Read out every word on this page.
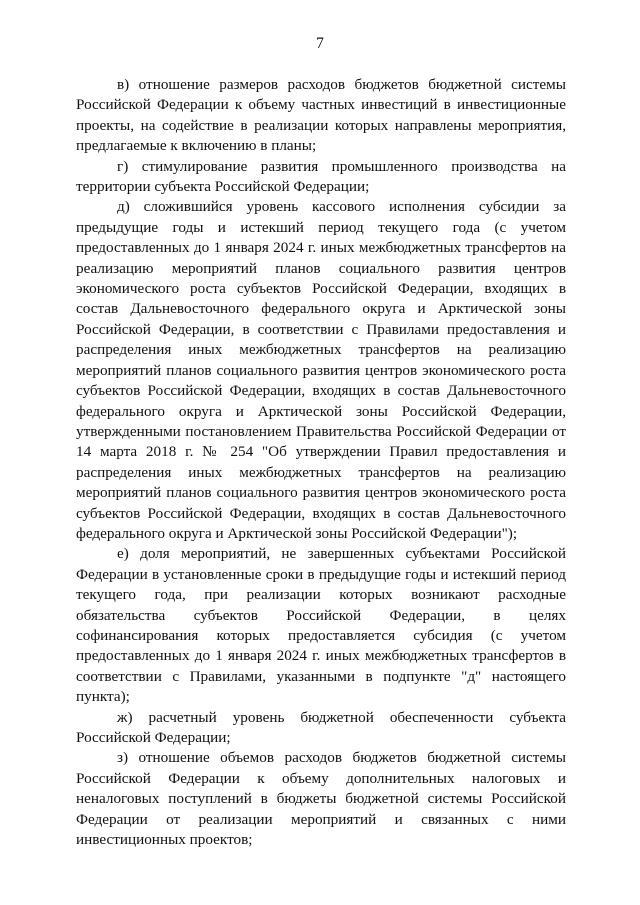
7

в) отношение размеров расходов бюджетов бюджетной системы Российской Федерации к объему частных инвестиций в инвестиционные проекты, на содействие в реализации которых направлены мероприятия, предлагаемые к включению в планы;

г) стимулирование развития промышленного производства на территории субъекта Российской Федерации;

д) сложившийся уровень кассового исполнения субсидии за предыдущие годы и истекший период текущего года (с учетом предоставленных до 1 января 2024 г. иных межбюджетных трансфертов на реализацию мероприятий планов социального развития центров экономического роста субъектов Российской Федерации, входящих в состав Дальневосточного федерального округа и Арктической зоны Российской Федерации, в соответствии с Правилами предоставления и распределения иных межбюджетных трансфертов на реализацию мероприятий планов социального развития центров экономического роста субъектов Российской Федерации, входящих в состав Дальневосточного федерального округа и Арктической зоны Российской Федерации, утвержденными постановлением Правительства Российской Федерации от 14 марта 2018 г. № 254 "Об утверждении Правил предоставления и распределения иных межбюджетных трансфертов на реализацию мероприятий планов социального развития центров экономического роста субъектов Российской Федерации, входящих в состав Дальневосточного федерального округа и Арктической зоны Российской Федерации");

е) доля мероприятий, не завершенных субъектами Российской Федерации в установленные сроки в предыдущие годы и истекший период текущего года, при реализации которых возникают расходные обязательства субъектов Российской Федерации, в целях софинансирования которых предоставляется субсидия (с учетом предоставленных до 1 января 2024 г. иных межбюджетных трансфертов в соответствии с Правилами, указанными в подпункте "д" настоящего пункта);

ж) расчетный уровень бюджетной обеспеченности субъекта Российской Федерации;

з) отношение объемов расходов бюджетов бюджетной системы Российской Федерации к объему дополнительных налоговых и неналоговых поступлений в бюджеты бюджетной системы Российской Федерации от реализации мероприятий и связанных с ними инвестиционных проектов;
